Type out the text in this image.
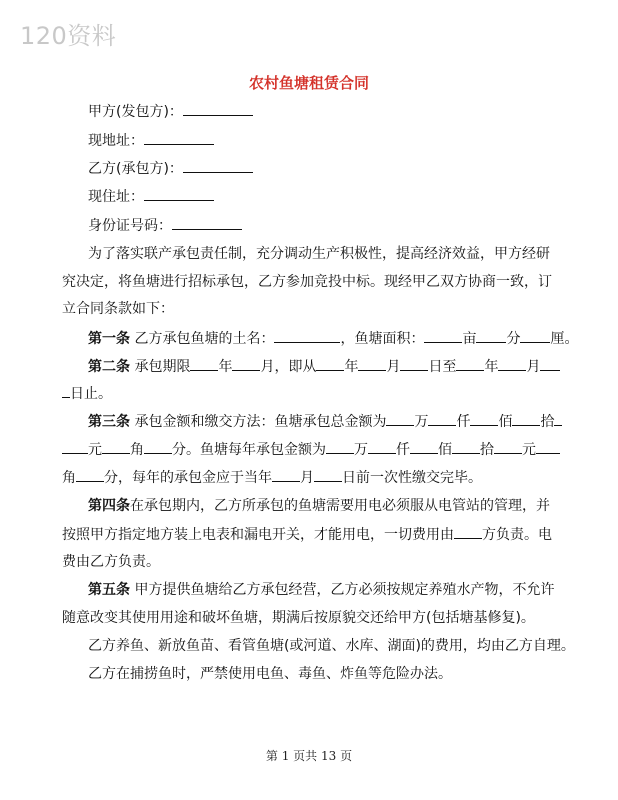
120资料
农村鱼塘租赁合同
甲方(发包方)：
现地址：
乙方(承包方)：
现住址：
身份证号码：
为了落实联产承包责任制，充分调动生产积极性，提高经济效益，甲方经研
究决定，将鱼塘进行招标承包，乙方参加竞投中标。现经甲乙双方协商一致，订
立合同条款如下：
第一条 乙方承包鱼塘的土名：	，鱼塘面积：	亩 分 厘。
第二条 承包期限 年 月，即从 年 月 日至 年 月
日止。
第三条 承包金额和缴交方法：鱼塘承包总金额为 万 仟 佰 拾
元 角 分。鱼塘每年承包金额为 万 仟 佰 拾 元
角 分，每年的承包金应于当年 月 日前一次性缴交完毕。
第四条在承包期内，乙方所承包的鱼塘需要用电必须服从电管站的管理，并
按照甲方指定地方装上电表和漏电开关，才能用电，一切费用由 方负责。电
费由乙方负责。
第五条 甲方提供鱼塘给乙方承包经营，乙方必须按规定养殖水产物，不允许
随意改变其使用用途和破坏鱼塘，期满后按原貌交还给甲方(包括塘基修复)。
乙方养鱼、新放鱼苗、看管鱼塘(或河道、水库、湖面)的费用，均由乙方自理。
乙方在捕捞鱼时，严禁使用电鱼、毒鱼、炸鱼等危险办法。
第 1 页共 13 页
